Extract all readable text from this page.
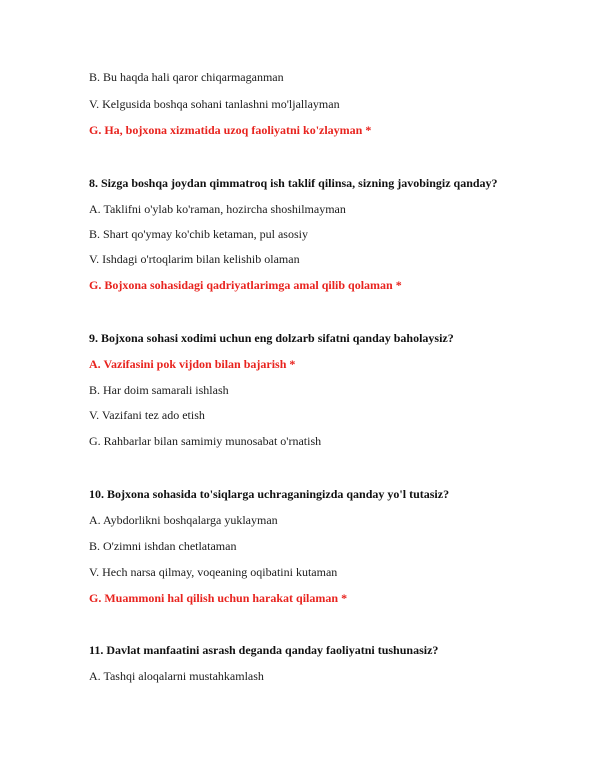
B. Bu haqda hali qaror chiqarmaganman
V. Kelgusida boshqa sohani tanlashni mo'ljallayman
G. Ha, bojxona xizmatida uzoq faoliyatni ko'zlayman *
8. Sizga boshqa joydan qimmatroq ish taklif qilinsa, sizning javobingiz qanday?
A. Taklifni o'ylab ko'raman, hozircha shoshilmayman
B. Shart qo'ymay ko'chib ketaman, pul asosiy
V. Ishdagi o'rtoqlarim bilan kelishib olaman
G. Bojxona sohasidagi qadriyatlarimga amal qilib qolaman *
9. Bojxona sohasi xodimi uchun eng dolzarb sifatni qanday baholaysiz?
A. Vazifasini pok vijdon bilan bajarish *
B. Har doim samarali ishlash
V. Vazifani tez ado etish
G. Rahbarlar bilan samimiy munosabat o'rnatish
10. Bojxona sohasida to'siqlarga uchraganingizda qanday yo'l tutasiz?
A. Aybdorlikni boshqalarga yuklayman
B. O'zimni ishdan chetlataman
V. Hech narsa qilmay, voqeaning oqibatini kutaman
G. Muammoni hal qilish uchun harakat qilaman *
11. Davlat manfaatini asrash deganda qanday faoliyatni tushunasiz?
A. Tashqi aloqalarni mustahkamlash
